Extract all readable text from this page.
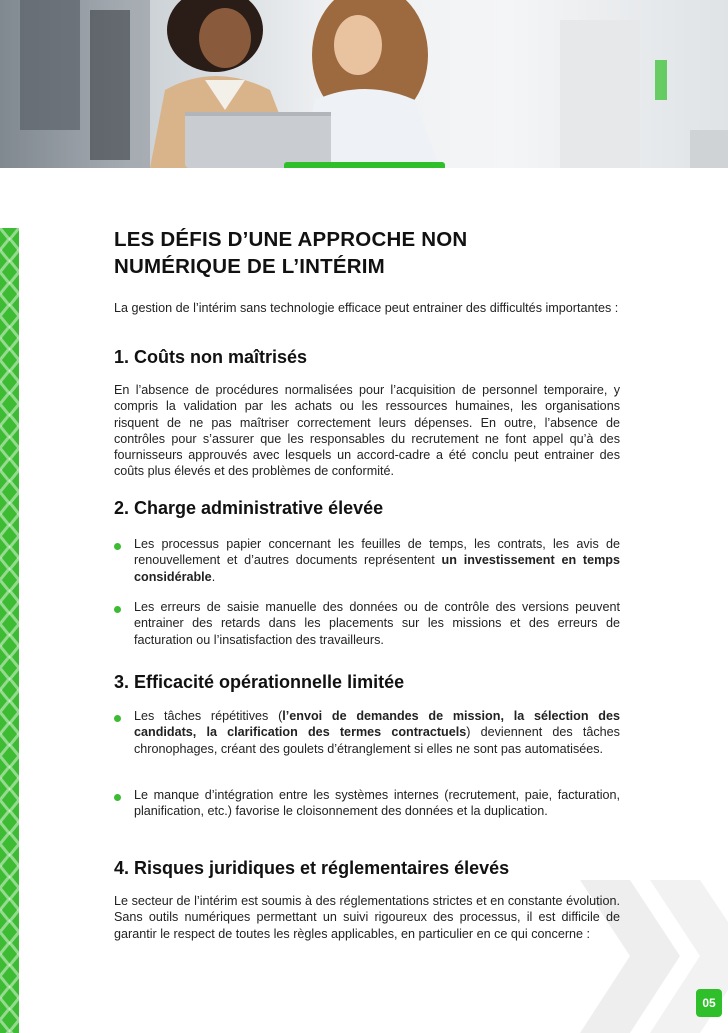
LES DÉFIS D’UNE APPROCHE NON
NUMÉRIQUE DE L’INTÉRIM

La gestion de l’intérim sans technologie efficace peut entrainer des difficultés importantes :

1. Coûts non maîtrisés

En l’absence de procédures normalisées pour l’acquisition de personnel temporaire, y compris la validation par les achats ou les ressources humaines, les organisations risquent de ne pas maîtriser correctement leurs dépenses. En outre, l’absence de contrôles pour s’assurer que les responsables du recrutement ne font appel qu’à des fournisseurs approuvés avec lesquels un accord-cadre a été conclu peut entrainer des coûts plus élevés et des problèmes de conformité.

2. Charge administrative élevée

Les processus papier concernant les feuilles de temps, les contrats, les avis de renouvellement et d’autres documents représentent un investissement en temps considérable.

Les erreurs de saisie manuelle des données ou de contrôle des versions peuvent entrainer des retards dans les placements sur les missions et des erreurs de facturation ou l’insatisfaction des travailleurs.

3. Efficacité opérationnelle limitée

Les tâches répétitives (l’envoi de demandes de mission, la sélection des candidats, la clarification des termes contractuels) deviennent des tâches chronophages, créant des goulets d’étranglement si elles ne sont pas automatisées.

Le manque d’intégration entre les systèmes internes (recrutement, paie, facturation, planification, etc.) favorise le cloisonnement des données et la duplication.

4. Risques juridiques et réglementaires élevés

Le secteur de l’intérim est soumis à des réglementations strictes et en constante évolution. Sans outils numériques permettant un suivi rigoureux des processus, il est difficile de garantir le respect de toutes les règles applicables, en particulier en ce qui concerne :

05
